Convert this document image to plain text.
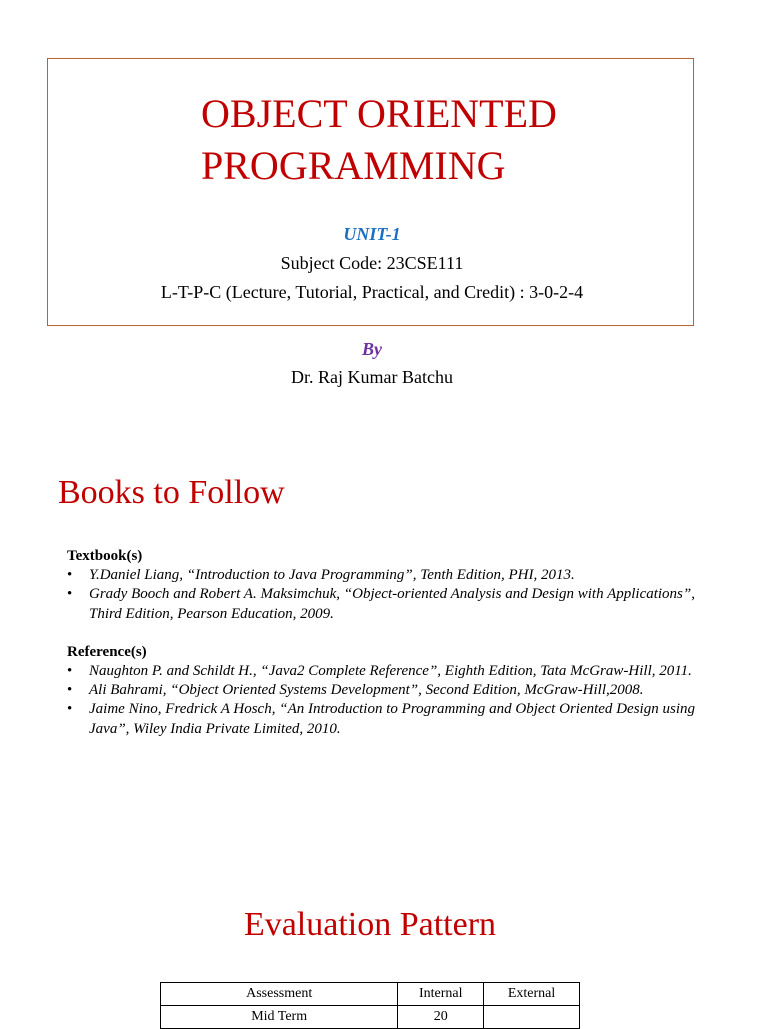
OBJECT ORIENTED
PROGRAMMING
UNIT-1
Subject Code: 23CSE111
L-T-P-C (Lecture, Tutorial, Practical, and Credit) : 3-0-2-4
By
Dr. Raj Kumar Batchu
Books to Follow

Textbook(s)

• Y.Daniel Liang, “Introduction to Java Programming”, Tenth Edition, PHI, 2013.
• Grady Booch and Robert A. Maksimchuk, “Object-oriented Analysis and Design with Applications”, Third Edition, Pearson Education, 2009.

Reference(s)

• Naughton P. and Schildt H., “Java2 Complete Reference”, Eighth Edition, Tata McGraw-Hill, 2011.
• Ali Bahrami, “Object Oriented Systems Development”, Second Edition, McGraw-Hill,2008.
• Jaime Nino, Fredrick A Hosch, “An Introduction to Programming and Object Oriented Design using Java”, Wiley India Private Limited, 2010.
Evaluation Pattern
Assessment	Internal	External
Mid Term	20	
